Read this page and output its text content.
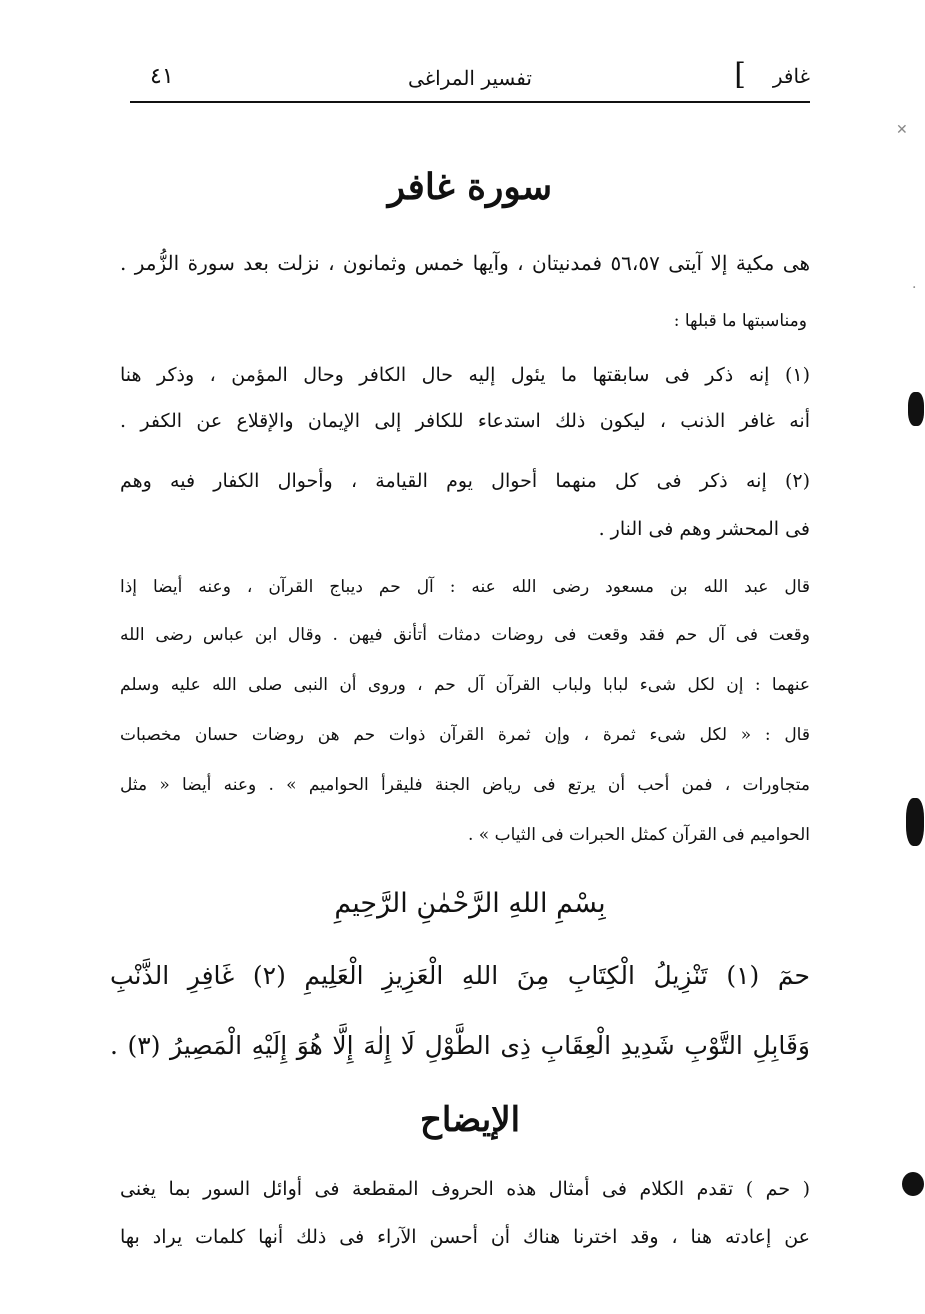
غافر
]
تفسير المراغى
٤١
سورة غافر
هى مكية إلا آيتى ٥٦،٥٧ فمدنيتان ، وآيها خمس وثمانون ، نزلت بعد سورة الزُّمر .
ومناسبتها ما قبلها :
(١) إنه ذكر فى سابقتها ما يئول إليه حال الكافر وحال المؤمن ، وذكر هنا
أنه غافر الذنب ، ليكون ذلك استدعاء للكافر إلى الإيمان والإقلاع عن الكفر .
(٢) إنه ذكر فى كل منهما أحوال يوم القيامة ، وأحوال الكفار فيه وهم
فى المحشر وهم فى النار .
قال عبد الله بن مسعود رضى الله عنه : آل حم ديباج القرآن ، وعنه أيضا إذا
وقعت فى آل حم فقد وقعت فى روضات دمثات أتأنق فيهن . وقال ابن عباس رضى الله
عنهما : إن لكل شىء لبابا ولباب القرآن آل حم ، وروى أن النبى صلى الله عليه وسلم
قال : « لكل شىء ثمرة ، وإن ثمرة القرآن ذوات حم هن روضات حسان مخصبات
متجاورات ، فمن أحب أن يرتع فى رياض الجنة فليقرأ الحواميم » . وعنه أيضا « مثل
الحواميم فى القرآن كمثل الحبرات فى الثياب » .
بِسْمِ اللهِ الرَّحْمٰنِ الرَّحِيمِ
حمٓ (١) تَنْزِيلُ الْكِتَابِ مِنَ اللهِ الْعَزِيزِ الْعَلِيمِ (٢) غَافِرِ الذَّنْبِ
وَقَابِلِ التَّوْبِ شَدِيدِ الْعِقَابِ ذِى الطَّوْلِ لَا إِلٰهَ إِلَّا هُوَ إِلَيْهِ الْمَصِيرُ (٣) .
الإيضاح
( حم ) تقدم الكلام فى أمثال هذه الحروف المقطعة فى أوائل السور بما يغنى
عن إعادته هنا ، وقد اخترنا هناك أن أحسن الآراء فى ذلك أنها كلمات يراد بها
✕
·
